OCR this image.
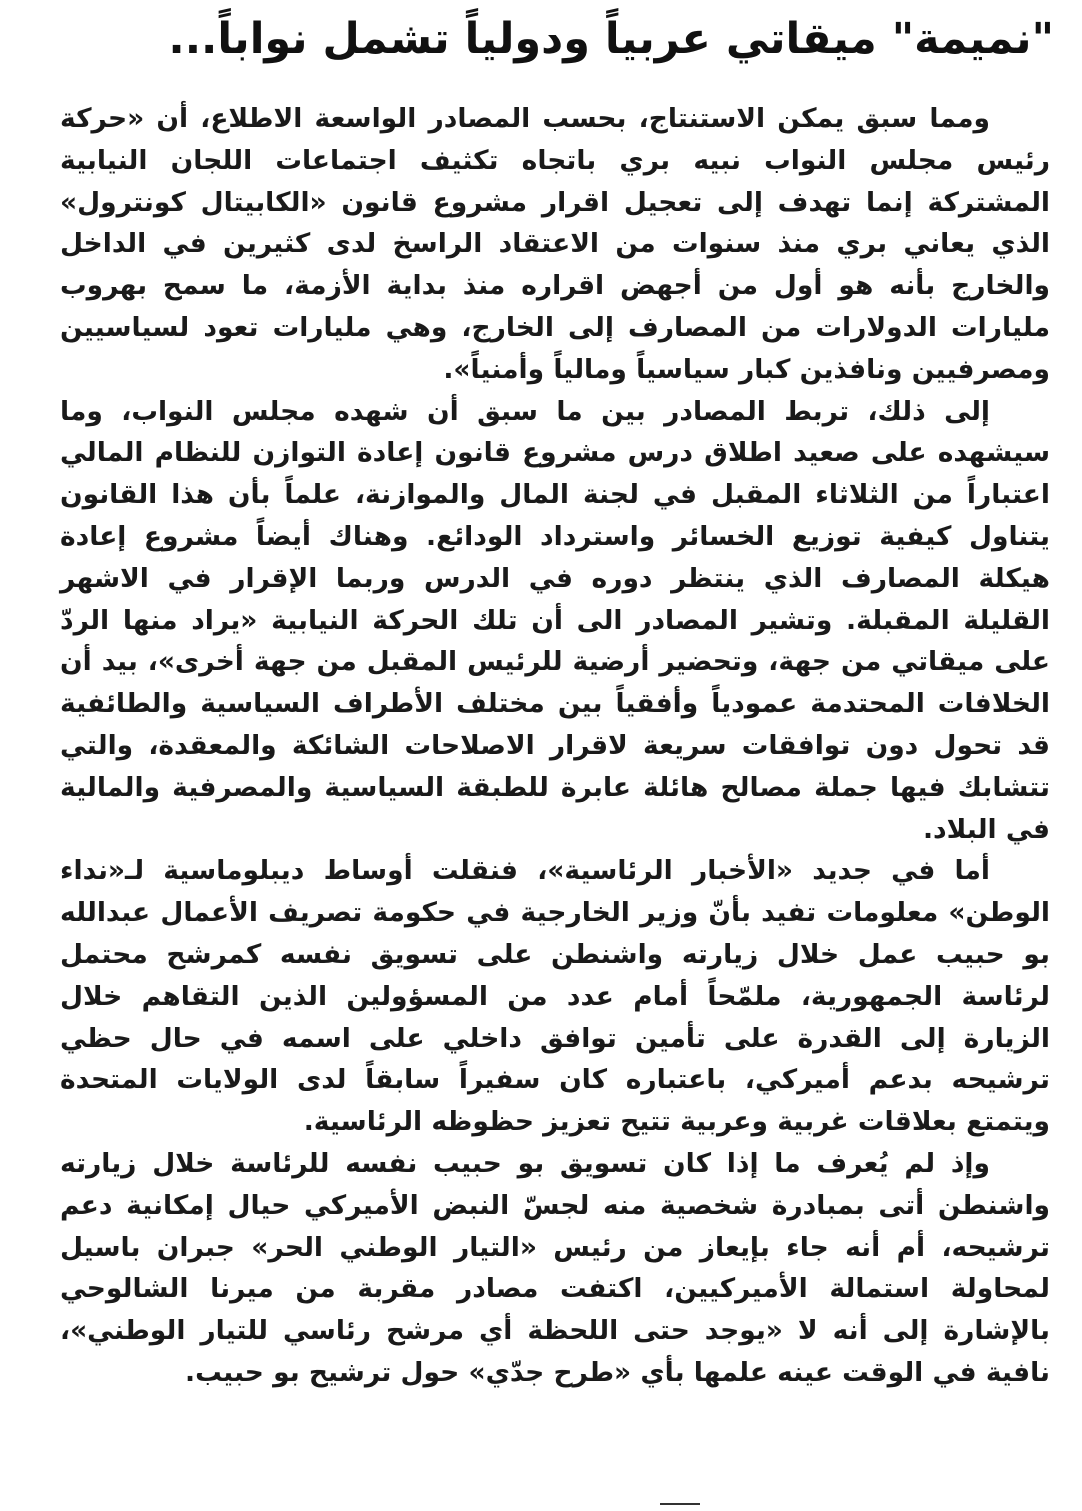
"نميمة" ميقاتي عربياً ودولياً تشمل نواباً...

ومما سبق يمكن الاستنتاج، بحسب المصادر الواسعة الاطلاع، أن «حركة رئيس مجلس النواب نبيه بري باتجاه تكثيف اجتماعات اللجان النيابية المشتركة إنما تهدف إلى تعجيل اقرار مشروع قانون «الكابيتال كونترول» الذي يعاني بري منذ سنوات من الاعتقاد الراسخ لدى كثيرين في الداخل والخارج بأنه هو أول من أجهض اقراره منذ بداية الأزمة، ما سمح بهروب مليارات الدولارات من المصارف إلى الخارج، وهي مليارات تعود لسياسيين ومصرفيين ونافذين كبار سياسياً ومالياً وأمنياً».

إلى ذلك، تربط المصادر بين ما سبق أن شهده مجلس النواب، وما سيشهده على صعيد اطلاق درس مشروع قانون إعادة التوازن للنظام المالي اعتباراً من الثلاثاء المقبل في لجنة المال والموازنة، علماً بأن هذا القانون يتناول كيفية توزيع الخسائر واسترداد الودائع. وهناك أيضاً مشروع إعادة هيكلة المصارف الذي ينتظر دوره في الدرس وربما الإقرار في الاشهر القليلة المقبلة. وتشير المصادر الى أن تلك الحركة النيابية «يراد منها الردّ على ميقاتي من جهة، وتحضير أرضية للرئيس المقبل من جهة أخرى»، بيد أن الخلافات المحتدمة عمودياً وأفقياً بين مختلف الأطراف السياسية والطائفية قد تحول دون توافقات سريعة لاقرار الاصلاحات الشائكة والمعقدة، والتي تتشابك فيها جملة مصالح هائلة عابرة للطبقة السياسية والمصرفية والمالية في البلاد.

أما في جديد «الأخبار الرئاسية»، فنقلت أوساط ديبلوماسية لـ«نداء الوطن» معلومات تفيد بأنّ وزير الخارجية في حكومة تصريف الأعمال عبدالله بو حبيب عمل خلال زيارته واشنطن على تسويق نفسه كمرشح محتمل لرئاسة الجمهورية، ملمّحاً أمام عدد من المسؤولين الذين التقاهم خلال الزيارة إلى القدرة على تأمين توافق داخلي على اسمه في حال حظي ترشيحه بدعم أميركي، باعتباره كان سفيراً سابقاً لدى الولايات المتحدة ويتمتع بعلاقات غربية وعربية تتيح تعزيز حظوظه الرئاسية.

وإذ لم يُعرف ما إذا كان تسويق بو حبيب نفسه للرئاسة خلال زيارته واشنطن أتى بمبادرة شخصية منه لجسّ النبض الأميركي حيال إمكانية دعم ترشيحه، أم أنه جاء بإيعاز من رئيس «التيار الوطني الحر» جبران باسيل لمحاولة استمالة الأميركيين، اكتفت مصادر مقربة من ميرنا الشالوحي بالإشارة إلى أنه لا «يوجد حتى اللحظة أي مرشح رئاسي للتيار الوطني»، نافية في الوقت عينه علمها بأي «طرح جدّي» حول ترشيح بو حبيب.
